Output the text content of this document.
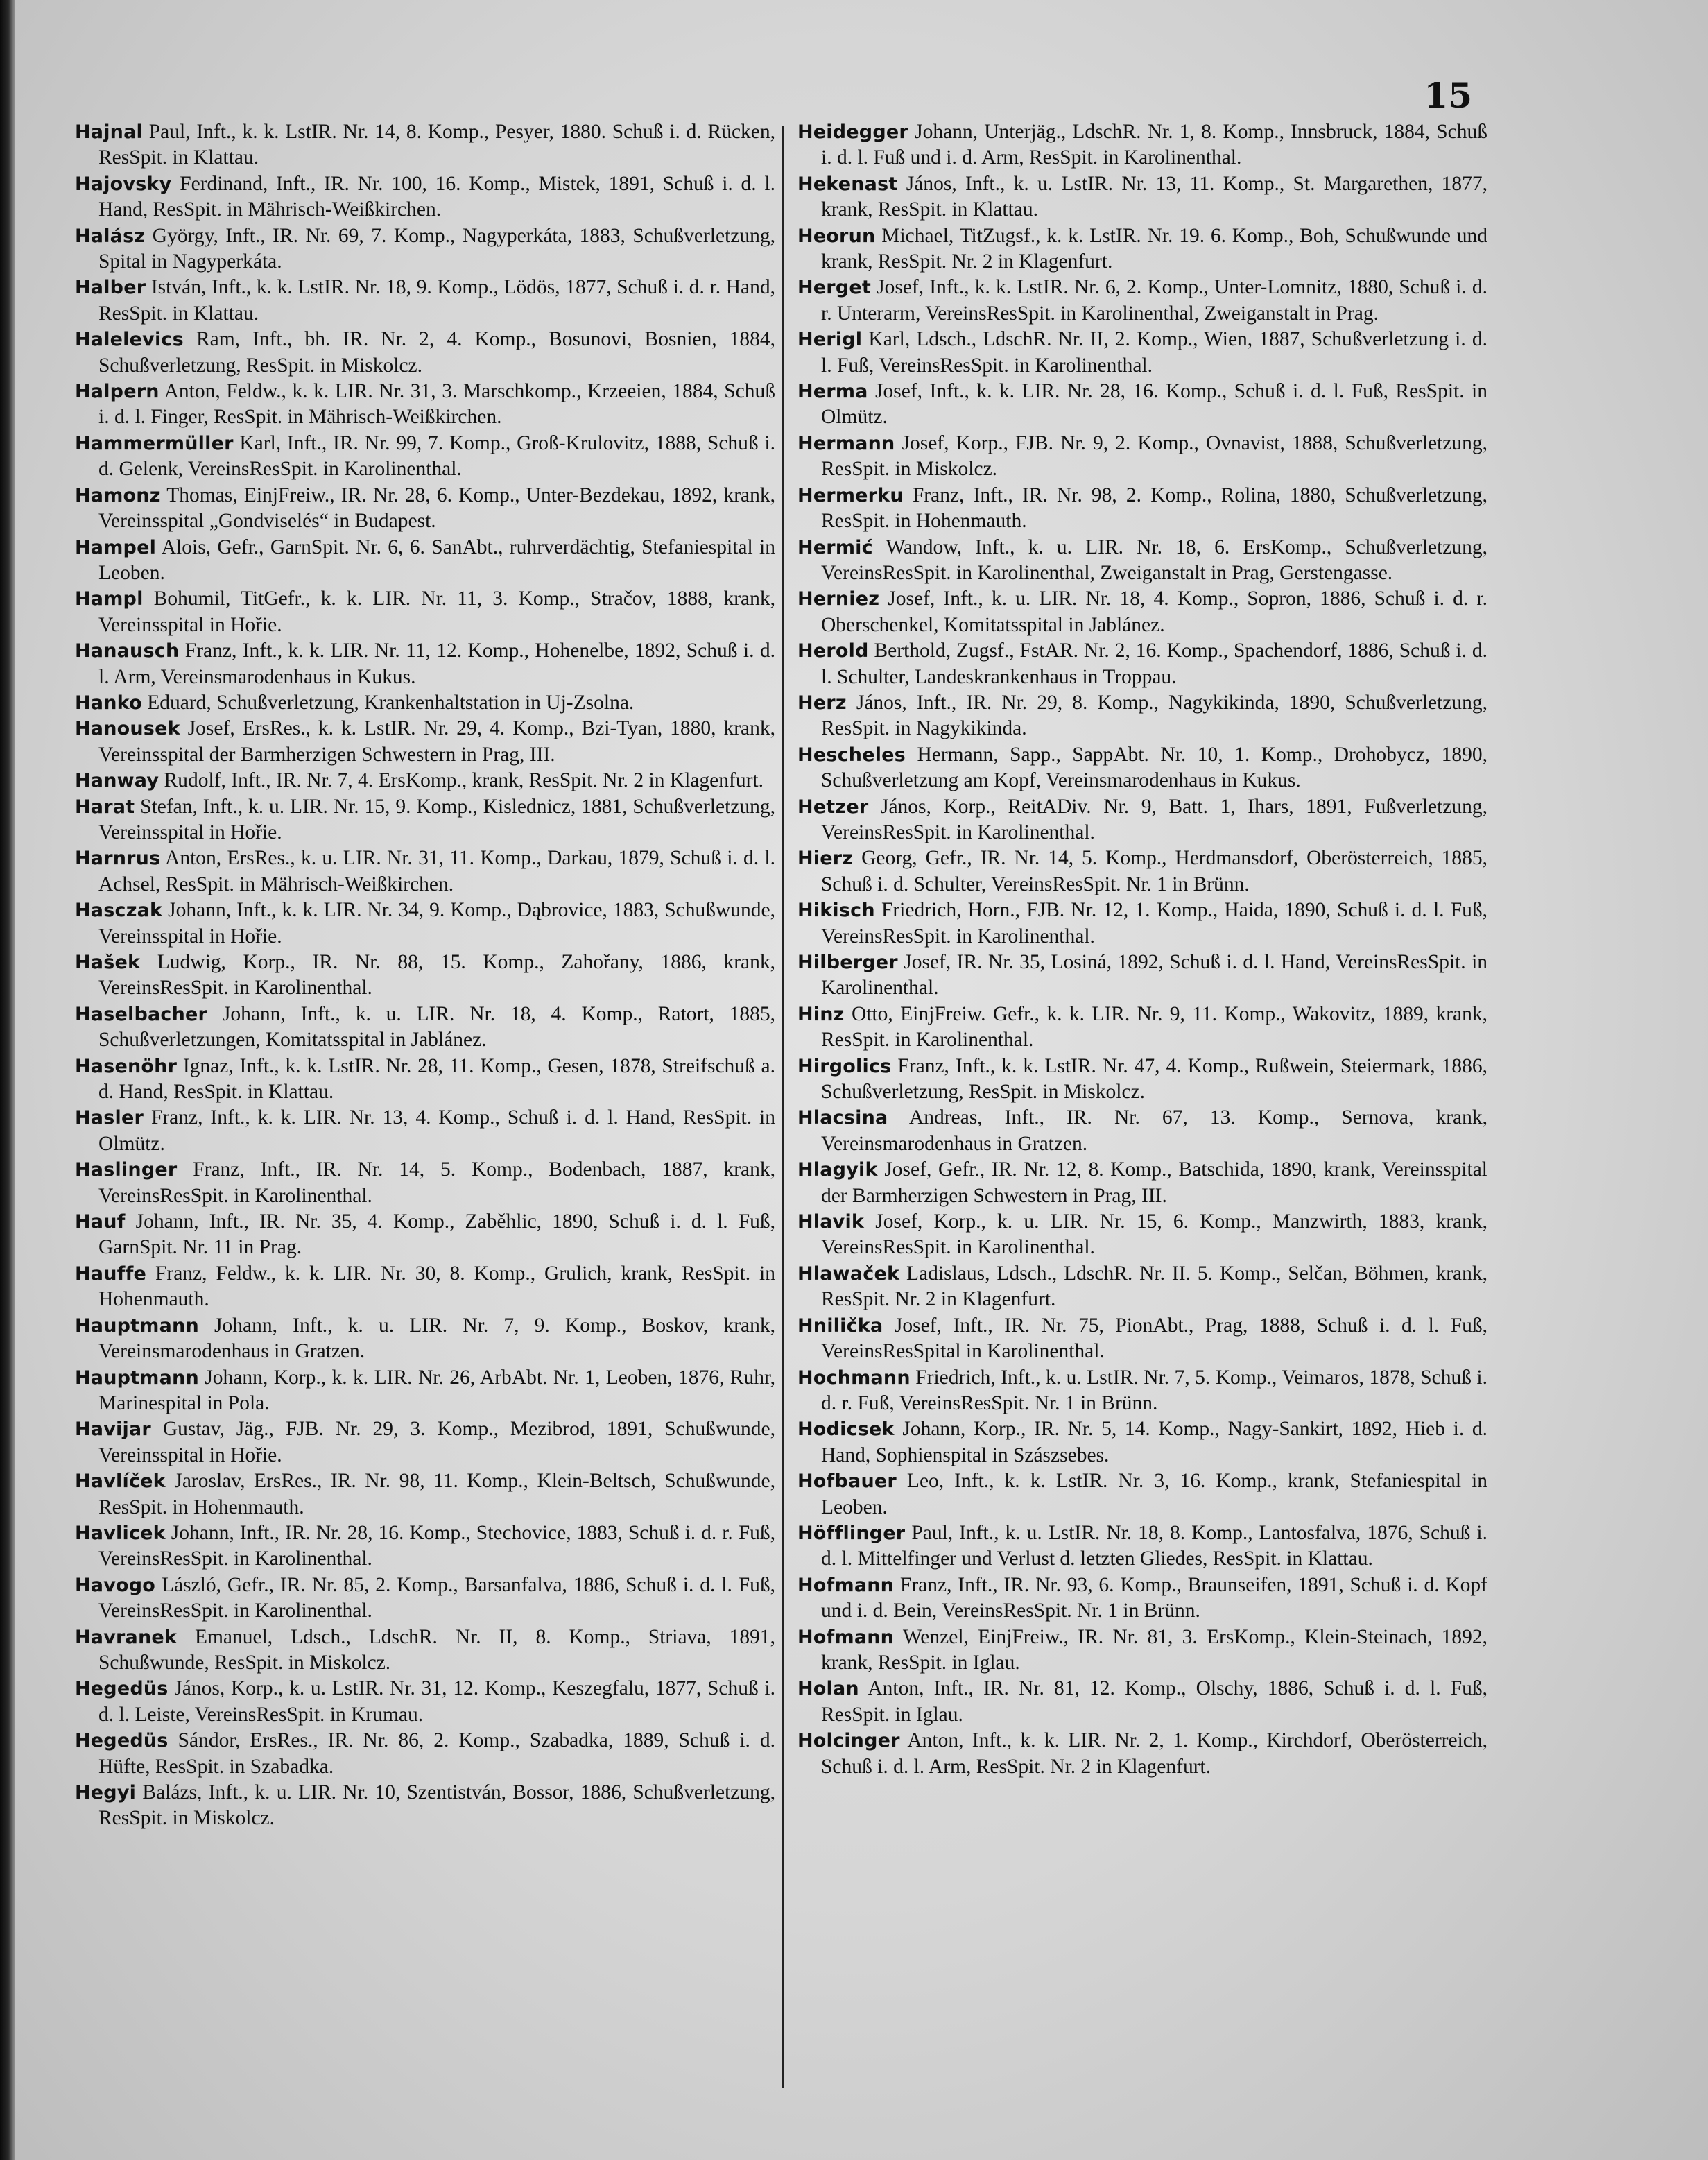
15

Hajnal Paul, Inft., k. k. LstIR. Nr. 14, 8. Komp., Pesyer, 1880. Schuß i. d. Rücken, ResSpit. in Klattau.

Hajovsky Ferdinand, Inft., IR. Nr. 100, 16. Komp., Mistek, 1891, Schuß i. d. l. Hand, ResSpit. in Mährisch-Weißkirchen.

Halász György, Inft., IR. Nr. 69, 7. Komp., Nagyperkáta, 1883, Schußverletzung, Spital in Nagyperkáta.

Halber István, Inft., k. k. LstIR. Nr. 18, 9. Komp., Lödös, 1877, Schuß i. d. r. Hand, ResSpit. in Klattau.

Halelevics Ram, Inft., bh. IR. Nr. 2, 4. Komp., Bosunovi, Bosnien, 1884, Schußverletzung, ResSpit. in Miskolcz.

Halpern Anton, Feldw., k. k. LIR. Nr. 31, 3. Marschkomp., Krzeeien, 1884, Schuß i. d. l. Finger, ResSpit. in Mährisch-Weißkirchen.

Hammermüller Karl, Inft., IR. Nr. 99, 7. Komp., Groß-Krulovitz, 1888, Schuß i. d. Gelenk, VereinsResSpit. in Karolinenthal.

Hamonz Thomas, EinjFreiw., IR. Nr. 28, 6. Komp., Unter-Bezdekau, 1892, krank, Vereinsspital „Gondviselés“ in Budapest.

Hampel Alois, Gefr., GarnSpit. Nr. 6, 6. SanAbt., ruhrverdächtig, Stefaniespital in Leoben.

Hampl Bohumil, TitGefr., k. k. LIR. Nr. 11, 3. Komp., Stračov, 1888, krank, Vereinsspital in Hořie.

Hanausch Franz, Inft., k. k. LIR. Nr. 11, 12. Komp., Hohenelbe, 1892, Schuß i. d. l. Arm, Vereinsmarodenhaus in Kukus.

Hanko Eduard, Schußverletzung, Krankenhaltstation in Uj-Zsolna.

Hanousek Josef, ErsRes., k. k. LstIR. Nr. 29, 4. Komp., Bzi-Tyan, 1880, krank, Vereinsspital der Barmherzigen Schwestern in Prag, III.

Hanway Rudolf, Inft., IR. Nr. 7, 4. ErsKomp., krank, ResSpit. Nr. 2 in Klagenfurt.

Harat Stefan, Inft., k. u. LIR. Nr. 15, 9. Komp., Kislednicz, 1881, Schußverletzung, Vereinsspital in Hořie.

Harnrus Anton, ErsRes., k. u. LIR. Nr. 31, 11. Komp., Darkau, 1879, Schuß i. d. l. Achsel, ResSpit. in Mährisch-Weißkirchen.

Hasczak Johann, Inft., k. k. LIR. Nr. 34, 9. Komp., Dąbrovice, 1883, Schußwunde, Vereinsspital in Hořie.

Hašek Ludwig, Korp., IR. Nr. 88, 15. Komp., Zahořany, 1886, krank, VereinsResSpit. in Karolinenthal.

Haselbacher Johann, Inft., k. u. LIR. Nr. 18, 4. Komp., Ratort, 1885, Schußverletzungen, Komitatsspital in Jablánez.

Hasenöhr Ignaz, Inft., k. k. LstIR. Nr. 28, 11. Komp., Gesen, 1878, Streifschuß a. d. Hand, ResSpit. in Klattau.

Hasler Franz, Inft., k. k. LIR. Nr. 13, 4. Komp., Schuß i. d. l. Hand, ResSpit. in Olmütz.

Haslinger Franz, Inft., IR. Nr. 14, 5. Komp., Bodenbach, 1887, krank, VereinsResSpit. in Karolinenthal.

Hauf Johann, Inft., IR. Nr. 35, 4. Komp., Zaběhlic, 1890, Schuß i. d. l. Fuß, GarnSpit. Nr. 11 in Prag.

Hauffe Franz, Feldw., k. k. LIR. Nr. 30, 8. Komp., Grulich, krank, ResSpit. in Hohenmauth.

Hauptmann Johann, Inft., k. u. LIR. Nr. 7, 9. Komp., Boskov, krank, Vereinsmarodenhaus in Gratzen.

Hauptmann Johann, Korp., k. k. LIR. Nr. 26, ArbAbt. Nr. 1, Leoben, 1876, Ruhr, Marinespital in Pola.

Havijar Gustav, Jäg., FJB. Nr. 29, 3. Komp., Mezibrod, 1891, Schußwunde, Vereinsspital in Hořie.

Havlíček Jaroslav, ErsRes., IR. Nr. 98, 11. Komp., Klein-Beltsch, Schußwunde, ResSpit. in Hohenmauth.

Havlicek Johann, Inft., IR. Nr. 28, 16. Komp., Stechovice, 1883, Schuß i. d. r. Fuß, VereinsResSpit. in Karolinenthal.

Havogo László, Gefr., IR. Nr. 85, 2. Komp., Barsanfalva, 1886, Schuß i. d. l. Fuß, VereinsResSpit. in Karolinenthal.

Havranek Emanuel, Ldsch., LdschR. Nr. II, 8. Komp., Striava, 1891, Schußwunde, ResSpit. in Miskolcz.

Hegedüs János, Korp., k. u. LstIR. Nr. 31, 12. Komp., Keszegfalu, 1877, Schuß i. d. l. Leiste, VereinsResSpit. in Krumau.

Hegedüs Sándor, ErsRes., IR. Nr. 86, 2. Komp., Szabadka, 1889, Schuß i. d. Hüfte, ResSpit. in Szabadka.

Hegyi Balázs, Inft., k. u. LIR. Nr. 10, Szentistván, Bossor, 1886, Schußverletzung, ResSpit. in Miskolcz.

Heidegger Johann, Unterjäg., LdschR. Nr. 1, 8. Komp., Innsbruck, 1884, Schuß i. d. l. Fuß und i. d. Arm, ResSpit. in Karolinenthal.

Hekenast János, Inft., k. u. LstIR. Nr. 13, 11. Komp., St. Margarethen, 1877, krank, ResSpit. in Klattau.

Heorun Michael, TitZugsf., k. k. LstIR. Nr. 19. 6. Komp., Boh, Schußwunde und krank, ResSpit. Nr. 2 in Klagenfurt.

Herget Josef, Inft., k. k. LstIR. Nr. 6, 2. Komp., Unter-Lomnitz, 1880, Schuß i. d. r. Unterarm, VereinsResSpit. in Karolinenthal, Zweiganstalt in Prag.

Herigl Karl, Ldsch., LdschR. Nr. II, 2. Komp., Wien, 1887, Schußverletzung i. d. l. Fuß, VereinsResSpit. in Karolinenthal.

Herma Josef, Inft., k. k. LIR. Nr. 28, 16. Komp., Schuß i. d. l. Fuß, ResSpit. in Olmütz.

Hermann Josef, Korp., FJB. Nr. 9, 2. Komp., Ovnavist, 1888, Schußverletzung, ResSpit. in Miskolcz.

Hermerku Franz, Inft., IR. Nr. 98, 2. Komp., Rolina, 1880, Schußverletzung, ResSpit. in Hohenmauth.

Hermić Wandow, Inft., k. u. LIR. Nr. 18, 6. ErsKomp., Schußverletzung, VereinsResSpit. in Karolinenthal, Zweiganstalt in Prag, Gerstengasse.

Herniez Josef, Inft., k. u. LIR. Nr. 18, 4. Komp., Sopron, 1886, Schuß i. d. r. Oberschenkel, Komitatsspital in Jablánez.

Herold Berthold, Zugsf., FstAR. Nr. 2, 16. Komp., Spachendorf, 1886, Schuß i. d. l. Schulter, Landeskrankenhaus in Troppau.

Herz János, Inft., IR. Nr. 29, 8. Komp., Nagykikinda, 1890, Schußverletzung, ResSpit. in Nagykikinda.

Hescheles Hermann, Sapp., SappAbt. Nr. 10, 1. Komp., Drohobycz, 1890, Schußverletzung am Kopf, Vereinsmarodenhaus in Kukus.

Hetzer János, Korp., ReitADiv. Nr. 9, Batt. 1, Ihars, 1891, Fußverletzung, VereinsResSpit. in Karolinenthal.

Hierz Georg, Gefr., IR. Nr. 14, 5. Komp., Herdmansdorf, Oberösterreich, 1885, Schuß i. d. Schulter, VereinsResSpit. Nr. 1 in Brünn.

Hikisch Friedrich, Horn., FJB. Nr. 12, 1. Komp., Haida, 1890, Schuß i. d. l. Fuß, VereinsResSpit. in Karolinenthal.

Hilberger Josef, IR. Nr. 35, Losiná, 1892, Schuß i. d. l. Hand, VereinsResSpit. in Karolinenthal.

Hinz Otto, EinjFreiw. Gefr., k. k. LIR. Nr. 9, 11. Komp., Wakovitz, 1889, krank, ResSpit. in Karolinenthal.

Hirgolics Franz, Inft., k. k. LstIR. Nr. 47, 4. Komp., Rußwein, Steiermark, 1886, Schußverletzung, ResSpit. in Miskolcz.

Hlacsina Andreas, Inft., IR. Nr. 67, 13. Komp., Sernova, krank, Vereinsmarodenhaus in Gratzen.

Hlagyik Josef, Gefr., IR. Nr. 12, 8. Komp., Batschida, 1890, krank, Vereinsspital der Barmherzigen Schwestern in Prag, III.

Hlavik Josef, Korp., k. u. LIR. Nr. 15, 6. Komp., Manzwirth, 1883, krank, VereinsResSpit. in Karolinenthal.

Hlawaček Ladislaus, Ldsch., LdschR. Nr. II. 5. Komp., Selčan, Böhmen, krank, ResSpit. Nr. 2 in Klagenfurt.

Hnilička Josef, Inft., IR. Nr. 75, PionAbt., Prag, 1888, Schuß i. d. l. Fuß, VereinsResSpital in Karolinenthal.

Hochmann Friedrich, Inft., k. u. LstIR. Nr. 7, 5. Komp., Veimaros, 1878, Schuß i. d. r. Fuß, VereinsResSpit. Nr. 1 in Brünn.

Hodicsek Johann, Korp., IR. Nr. 5, 14. Komp., Nagy-Sankirt, 1892, Hieb i. d. Hand, Sophienspital in Szászsebes.

Hofbauer Leo, Inft., k. k. LstIR. Nr. 3, 16. Komp., krank, Stefaniespital in Leoben.

Höfflinger Paul, Inft., k. u. LstIR. Nr. 18, 8. Komp., Lantosfalva, 1876, Schuß i. d. l. Mittelfinger und Verlust d. letzten Gliedes, ResSpit. in Klattau.

Hofmann Franz, Inft., IR. Nr. 93, 6. Komp., Braunseifen, 1891, Schuß i. d. Kopf und i. d. Bein, VereinsResSpit. Nr. 1 in Brünn.

Hofmann Wenzel, EinjFreiw., IR. Nr. 81, 3. ErsKomp., Klein-Steinach, 1892, krank, ResSpit. in Iglau.

Holan Anton, Inft., IR. Nr. 81, 12. Komp., Olschy, 1886, Schuß i. d. l. Fuß, ResSpit. in Iglau.

Holcinger Anton, Inft., k. k. LIR. Nr. 2, 1. Komp., Kirchdorf, Oberösterreich, Schuß i. d. l. Arm, ResSpit. Nr. 2 in Klagenfurt.
